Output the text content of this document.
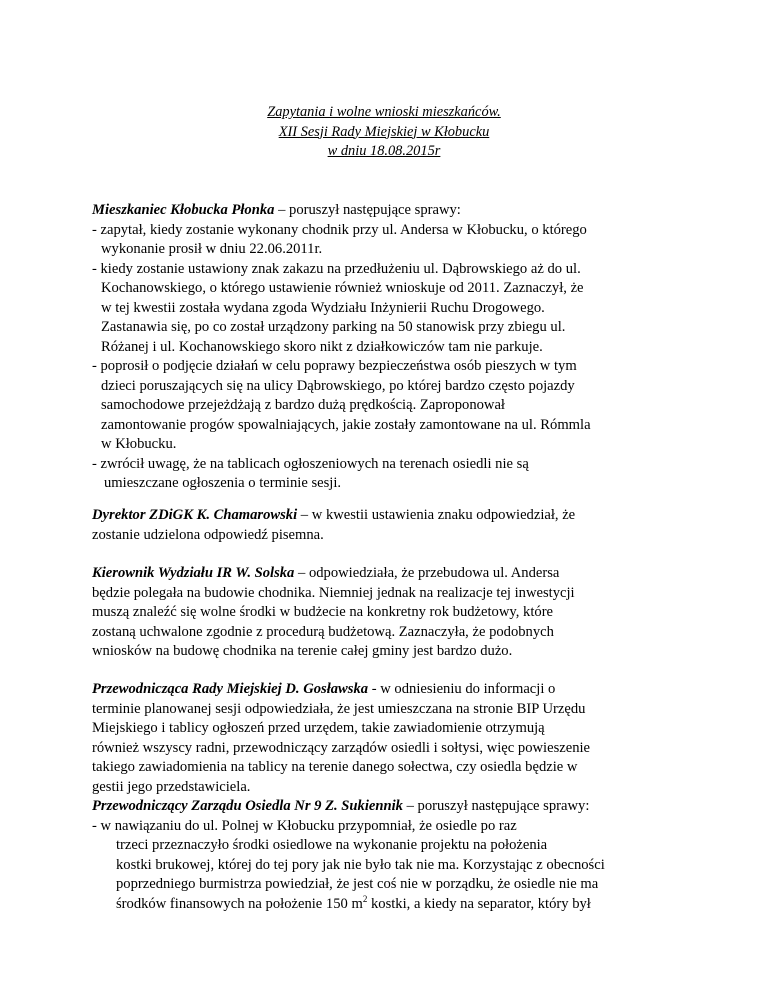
Zapytania i wolne wnioski mieszkańców.
XII Sesji Rady Miejskiej w Kłobucku
w dniu 18.08.2015r
Mieszkaniec Kłobucka Płonka – poruszył następujące sprawy:
- zapytał, kiedy zostanie wykonany chodnik przy ul. Andersa w Kłobucku, o którego
wykonanie prosił w dniu 22.06.2011r.
- kiedy zostanie ustawiony znak zakazu na przedłużeniu ul. Dąbrowskiego aż do ul.
Kochanowskiego, o którego ustawienie również wnioskuje od 2011. Zaznaczył, że
w tej kwestii została wydana zgoda Wydziału Inżynierii Ruchu Drogowego.
Zastanawia się, po co został urządzony parking na 50 stanowisk przy zbiegu ul.
Różanej i ul. Kochanowskiego skoro nikt z działkowiczów tam nie parkuje.
- poprosił o podjęcie działań w celu poprawy bezpieczeństwa osób pieszych w tym
dzieci poruszających się na ulicy Dąbrowskiego, po której bardzo często pojazdy
samochodowe przejeżdżają z bardzo dużą prędkością. Zaproponował
zamontowanie progów spowalniających, jakie zostały zamontowane na ul. Rómmla
w Kłobucku.
- zwrócił uwagę, że na tablicach ogłoszeniowych na terenach osiedli nie są
umieszczane ogłoszenia o terminie sesji.
Dyrektor ZDiGK K. Chamarowski – w kwestii ustawienia znaku odpowiedział, że
zostanie udzielona odpowiedź pisemna.
Kierownik Wydziału IR W. Solska – odpowiedziała, że przebudowa ul. Andersa
będzie polegała na budowie chodnika. Niemniej jednak na realizacje tej inwestycji
muszą znaleźć się wolne środki w budżecie na konkretny rok budżetowy, które
zostaną uchwalone zgodnie z procedurą budżetową. Zaznaczyła, że podobnych
wniosków na budowę chodnika na terenie całej gminy jest bardzo dużo.
Przewodnicząca Rady Miejskiej D. Gosławska - w odniesieniu do informacji o
terminie planowanej sesji odpowiedziała, że jest umieszczana na stronie BIP Urzędu
Miejskiego i tablicy ogłoszeń przed urzędem, takie zawiadomienie otrzymują
również wszyscy radni, przewodniczący zarządów osiedli i sołtysi, więc powieszenie
takiego zawiadomienia na tablicy na terenie danego sołectwa, czy osiedla będzie w
gestii jego przedstawiciela.
Przewodniczący Zarządu Osiedla Nr 9 Z. Sukiennik – poruszył następujące sprawy:
- w nawiązaniu do ul. Polnej w Kłobucku przypomniał, że osiedle po raz
trzeci przeznaczyło środki osiedlowe na wykonanie projektu na położenia
kostki brukowej, której do tej pory jak nie było tak nie ma. Korzystając z obecności
poprzedniego burmistrza powiedział, że jest coś nie w porządku, że osiedle nie ma
środków finansowych na położenie 150 $m^2$ kostki, a kiedy na separator, który był
